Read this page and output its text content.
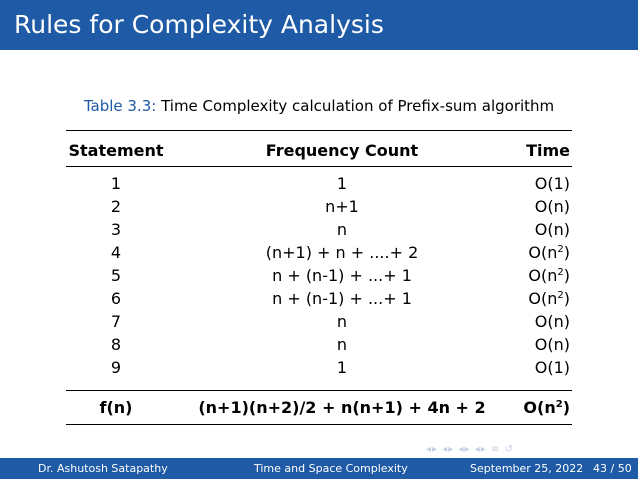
Rules for Complexity Analysis
Table 3.3: Time Complexity calculation of Prefix-sum algorithm
Statement	Frequency Count	Time
1	1	O(1)
2	n+1	O(n)
3	n	O(n)
4	(n+1) + n + ....+ 2	$O(n^2)$
5	n + (n-1) + ...+ 1	$O(n^2)$
6	n + (n-1) + ...+ 1	$O(n^2)$
7	n	O(n)
8	n	O(n)
9	1	O(1)
f(n)	(n+1)(n+2)/2 + n(n+1) + 4n + 2	$O(n^2)$
◂▸ ◂▸ ◂▸ ◂▸ ≡ ↺
Dr. Ashutosh Satapathy	Time and Space Complexity	September 25, 2022 43 / 50
